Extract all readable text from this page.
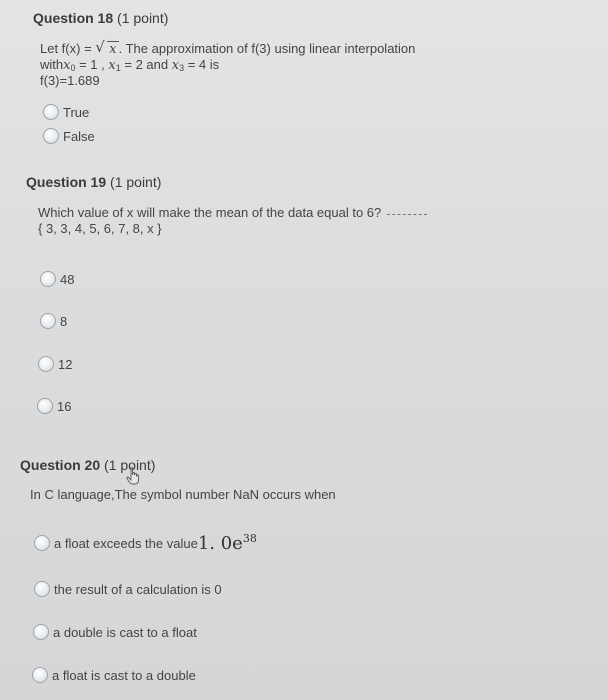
Question 18 (1 point)
Let f(x) = √ x . The approximation of f(3) using linear interpolation
withx$_0$ = 1 , $x_1 = 2$ and $x_3 = 4$ is
f(3)=1.689
True
False
Question 19 (1 point)
Which value of x will make the mean of the data equal to 6?
{ 3, 3, 4, 5, 6, 7, 8, x }
48
8
12
16
Question 20 (1 point)
In C language,The symbol number NaN occurs when
a float exceeds the value 1. $0e^{38}$
the result of a calculation is 0
a double is cast to a float
a float is cast to a double
